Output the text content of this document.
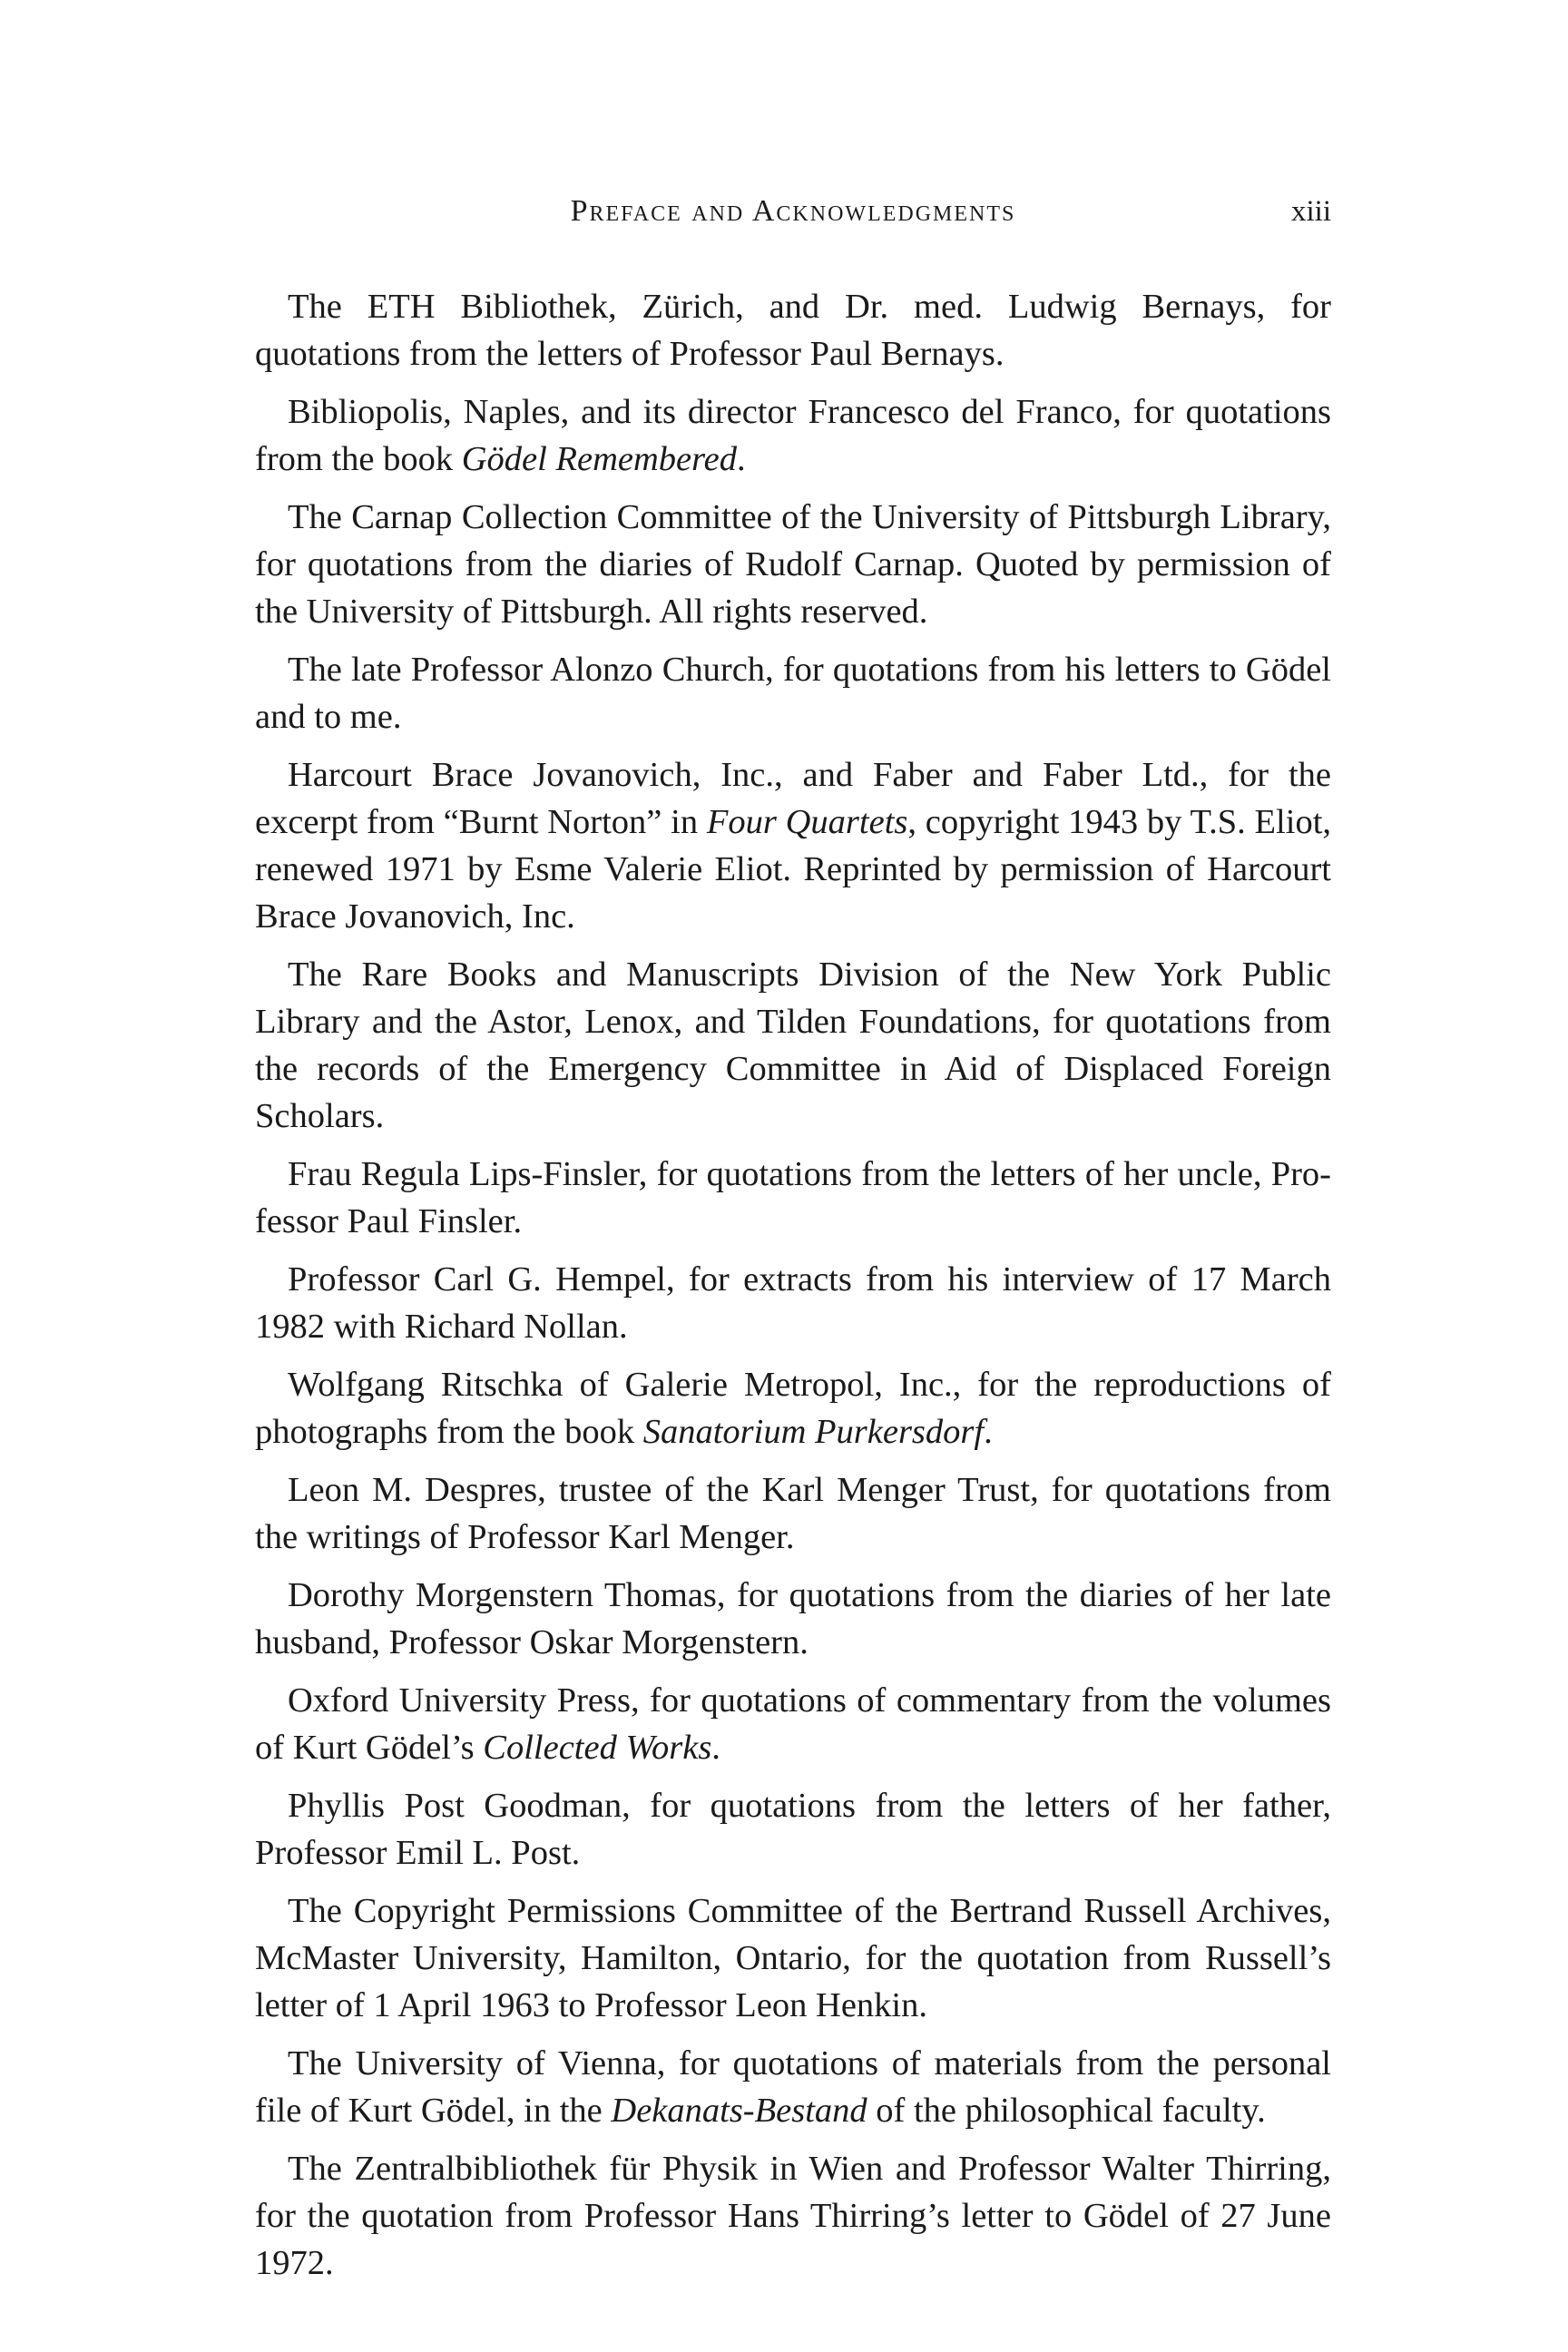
Preface and Acknowledgments	xiii

The ETH Bibliothek, Zürich, and Dr. med. Ludwig Bernays, for quotations from the letters of Professor Paul Bernays.

Bibliopolis, Naples, and its director Francesco del Franco, for quotations from the book Gödel Remembered.

The Carnap Collection Committee of the University of Pittsburgh Library, for quotations from the diaries of Rudolf Carnap. Quoted by permission of the University of Pittsburgh. All rights reserved.

The late Professor Alonzo Church, for quotations from his letters to Gödel and to me.

Harcourt Brace Jovanovich, Inc., and Faber and Faber Ltd., for the excerpt from “Burnt Norton” in Four Quartets, copyright 1943 by T.S. Eliot, renewed 1971 by Esme Valerie Eliot. Reprinted by permission of Harcourt Brace Jovanovich, Inc.

The Rare Books and Manuscripts Division of the New York Public Library and the Astor, Lenox, and Tilden Foundations, for quotations from the records of the Emergency Committee in Aid of Displaced Foreign Scholars.

Frau Regula Lips-Finsler, for quotations from the letters of her uncle, Professor Paul Finsler.

Professor Carl G. Hempel, for extracts from his interview of 17 March 1982 with Richard Nollan.

Wolfgang Ritschka of Galerie Metropol, Inc., for the reproductions of photographs from the book Sanatorium Purkersdorf.

Leon M. Despres, trustee of the Karl Menger Trust, for quotations from the writings of Professor Karl Menger.

Dorothy Morgenstern Thomas, for quotations from the diaries of her late husband, Professor Oskar Morgenstern.

Oxford University Press, for quotations of commentary from the volumes of Kurt Gödel’s Collected Works.

Phyllis Post Goodman, for quotations from the letters of her father, Professor Emil L. Post.

The Copyright Permissions Committee of the Bertrand Russell Archives, McMaster University, Hamilton, Ontario, for the quotation from Russell’s letter of 1 April 1963 to Professor Leon Henkin.

The University of Vienna, for quotations of materials from the personal file of Kurt Gödel, in the Dekanats-Bestand of the philosophical faculty.

The Zentralbibliothek für Physik in Wien and Professor Walter Thirring, for the quotation from Professor Hans Thirring’s letter to Gödel of 27 June 1972.
